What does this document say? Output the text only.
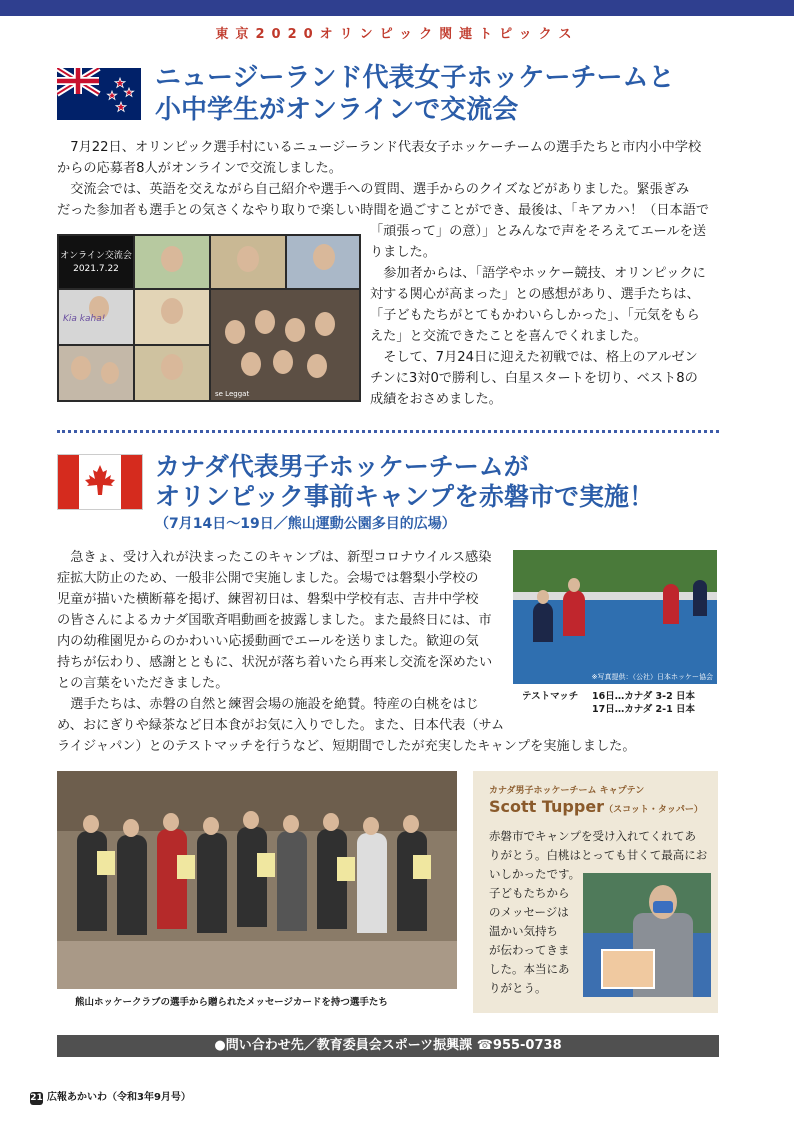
東京2020オリンピック関連トピックス
ニュージーランド代表女子ホッケーチームと
小中学生がオンラインで交流会
7月22日、オリンピック選手村にいるニュージーランド代表女子ホッケーチームの選手たちと市内小中学校
からの応募者8人がオンラインで交流しました。
交流会では、英語を交えながら自己紹介や選手への質問、選手からのクイズなどがありました。緊張ぎみ
だった参加者も選手との気さくなやり取りで楽しい時間を過ごすことができ、最後は、「キアカハ！（日本語で
オンライン交流会
2021.7.22
Kia kaha!
se Leggat
「頑張って」の意）」とみんなで声をそろえてエールを送
りました。
参加者からは、「語学やホッケー競技、オリンピックに
対する関心が高まった」との感想があり、選手たちは、
「子どもたちがとてもかわいらしかった」、「元気をもら
えた」と交流できたことを喜んでくれました。
そして、7月24日に迎えた初戦では、格上のアルゼン
チンに3対0で勝利し、白星スタートを切り、ベスト8の
成績をおさめました。
カナダ代表男子ホッケーチームが
オリンピック事前キャンプを赤磐市で実施！
（7月14日～19日／熊山運動公園多目的広場）
急きょ、受け入れが決まったこのキャンプは、新型コロナウイルス感染
症拡大防止のため、一般非公開で実施しました。会場では磐梨小学校の
児童が描いた横断幕を掲げ、練習初日は、磐梨中学校有志、吉井中学校
の皆さんによるカナダ国歌斉唱動画を披露しました。また最終日には、市
内の幼稚園児からのかわいい応援動画でエールを送りました。歓迎の気
持ちが伝わり、感謝とともに、状況が落ち着いたら再来し交流を深めたい
との言葉をいただきました。
選手たちは、赤磐の自然と練習会場の施設を絶賛。特産の白桃をはじ
め、おにぎりや緑茶など日本食がお気に入りでした。また、日本代表（サム
ライジャパン）とのテストマッチを行うなど、短期間でしたが充実したキャンプを実施しました。
※写真提供：（公社）日本ホッケー協会
テストマッチ 16日…カナダ 3-2 日本
17日…カナダ 2-1 日本
熊山ホッケークラブの選手から贈られたメッセージカードを持つ選手たち
カナダ男子ホッケーチーム キャプテン
Scott Tupper（スコット・タッパー）
赤磐市でキャンプを受け入れてくれてあ
りがとう。白桃はとっても甘くて最高にお
いしかったです。
子どもたちから
のメッセージは
温かい気持ち
が伝わってきま
した。本当にあ
りがとう。
●問い合わせ先／教育委員会スポーツ振興課 ☎955-0738
21 広報あかいわ（令和3年9月号）
